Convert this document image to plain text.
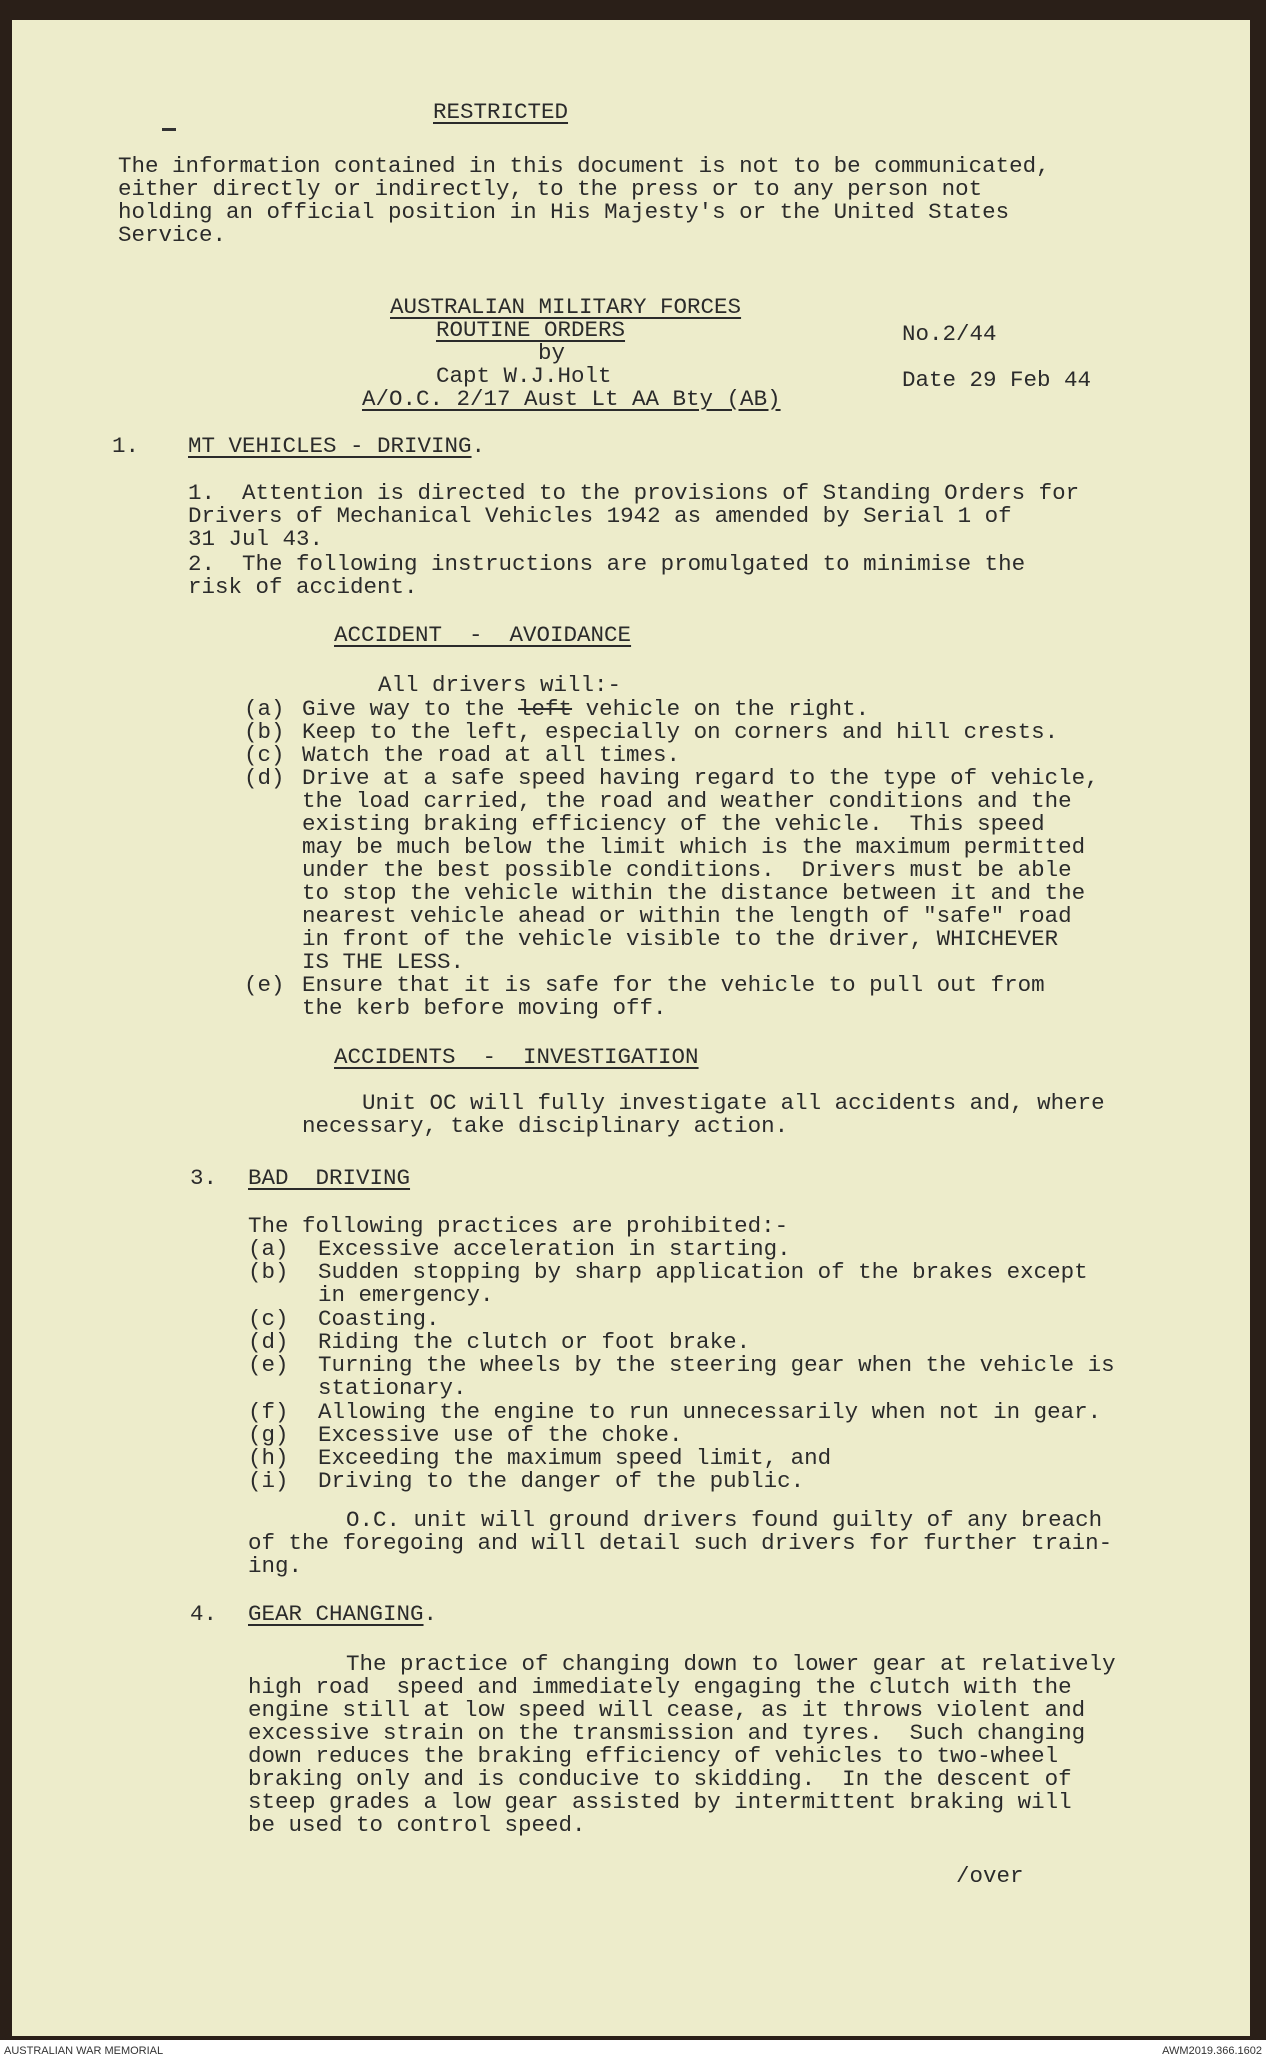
RESTRICTED
The information contained in this document is not to be communicated,
either directly or indirectly, to the press or to any person not
holding an official position in His Majesty's or the United States
Service.
AUSTRALIAN MILITARY FORCES
ROUTINE ORDERS
by
Capt W.J.Holt
A/O.C. 2/17 Aust Lt AA Bty (AB)
No.2/44
Date 29 Feb 44
1. MT VEHICLES - DRIVING.
1.  Attention is directed to the provisions of Standing Orders for
Drivers of Mechanical Vehicles 1942 as amended by Serial 1 of
31 Jul 43.
2.  The following instructions are promulgated to minimise the
risk of accident.
ACCIDENT  -  AVOIDANCE
All drivers will:-
(a) Give way to the left vehicle on the right.
(b) Keep to the left, especially on corners and hill crests.
(c) Watch the road at all times.
(d) Drive at a safe speed having regard to the type of vehicle,
the load carried, the road and weather conditions and the
existing braking efficiency of the vehicle.  This speed
may be much below the limit which is the maximum permitted
under the best possible conditions.  Drivers must be able
to stop the vehicle within the distance between it and the
nearest vehicle ahead or within the length of "safe" road
in front of the vehicle visible to the driver, WHICHEVER
IS THE LESS.
(e) Ensure that it is safe for the vehicle to pull out from
the kerb before moving off.
ACCIDENTS  -  INVESTIGATION
Unit OC will fully investigate all accidents and, where
necessary, take disciplinary action.
3. BAD  DRIVING
The following practices are prohibited:-
(a) Excessive acceleration in starting.
(b) Sudden stopping by sharp application of the brakes except
in emergency.
(c) Coasting.
(d) Riding the clutch or foot brake.
(e) Turning the wheels by the steering gear when the vehicle is
stationary.
(f) Allowing the engine to run unnecessarily when not in gear.
(g) Excessive use of the choke.
(h) Exceeding the maximum speed limit, and
(i) Driving to the danger of the public.
O.C. unit will ground drivers found guilty of any breach
of the foregoing and will detail such drivers for further train-
ing.
4. GEAR CHANGING.
The practice of changing down to lower gear at relatively
high road  speed and immediately engaging the clutch with the
engine still at low speed will cease, as it throws violent and
excessive strain on the transmission and tyres.  Such changing
down reduces the braking efficiency of vehicles to two-wheel
braking only and is conducive to skidding.  In the descent of
steep grades a low gear assisted by intermittent braking will
be used to control speed.
/over
AUSTRALIAN WAR MEMORIAL	AWM2019.366.1602
